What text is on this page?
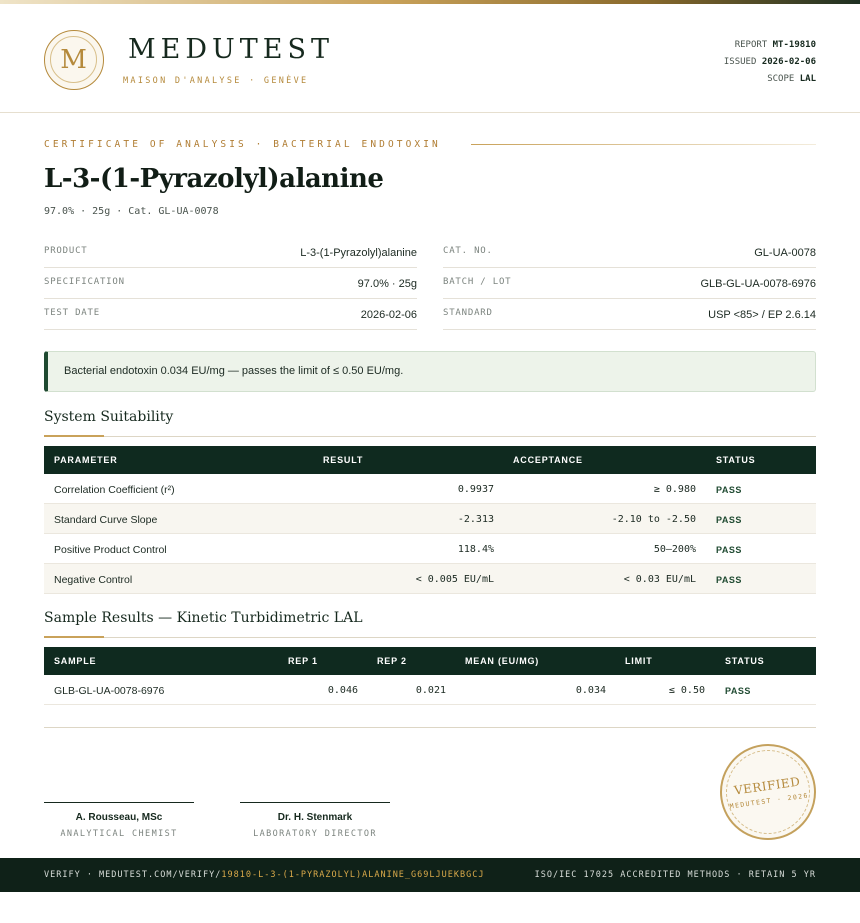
M MEDUTEST
MAISON D'ANALYSE · GENÈVE
REPORT MT-19810
ISSUED 2026-02-06
SCOPE LAL
CERTIFICATE OF ANALYSIS · BACTERIAL ENDOTOXIN
L-3-(1-Pyrazolyl)alanine
97.0% · 25g · Cat. GL-UA-0078
PRODUCT	L-3-(1-Pyrazolyl)alanine
SPECIFICATION	97.0% · 25g
TEST DATE	2026-02-06
CAT. NO.	GL-UA-0078
BATCH / LOT	GLB-GL-UA-0078-6976
STANDARD	USP <85> / EP 2.6.14
Bacterial endotoxin 0.034 EU/mg — passes the limit of ≤ 0.50 EU/mg.
System Suitability
PARAMETER	RESULT	ACCEPTANCE	STATUS
Correlation Coefficient (r²)	0.9937	≥ 0.980 PASS
Standard Curve Slope	-2.313	-2.10 to -2.50 PASS
Positive Product Control	118.4%	50–200% PASS
Negative Control	< 0.005 EU/mL	< 0.03 EU/mL PASS
Sample Results — Kinetic Turbidimetric LAL
SAMPLE	REP 1	REP 2	MEAN (EU/MG)	LIMIT	STATUS
GLB-GL-UA-0078-6976	0.046	0.021	0.034	≤ 0.50 PASS
A. Rousseau, MSc
ANALYTICAL CHEMIST
Dr. H. Stenmark
LABORATORY DIRECTOR
VERIFIED
MEDUTEST · 2026
VERIFY · MEDUTEST.COM/VERIFY/19810-L-3-(1-PYRAZOLYL)ALANINE_G69LJUEKBGCJ	ISO/IEC 17025 ACCREDITED METHODS · RETAIN 5 YR
